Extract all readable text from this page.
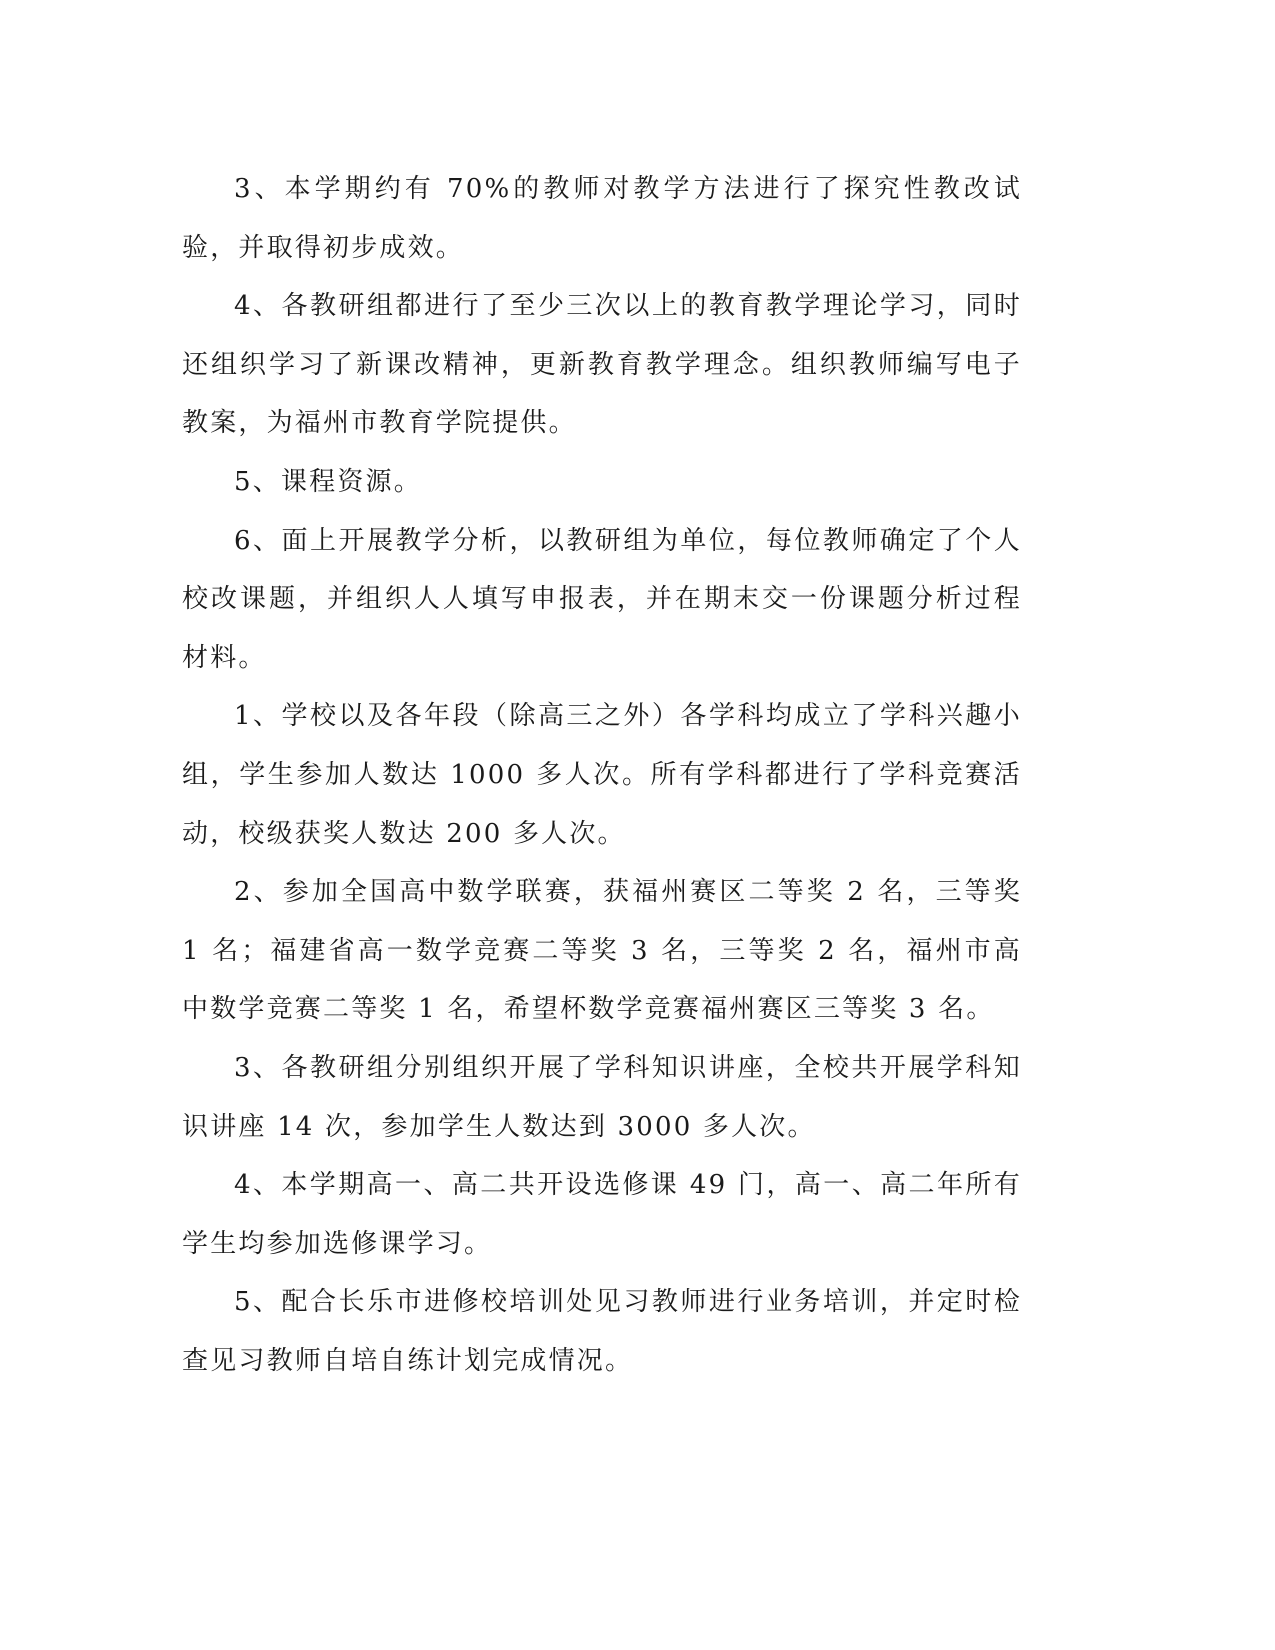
3、本学期约有 70%的教师对教学方法进行了探究性教改试验，并取得初步成效。

4、各教研组都进行了至少三次以上的教育教学理论学习，同时还组织学习了新课改精神，更新教育教学理念。组织教师编写电子教案，为福州市教育学院提供。

5、课程资源。

6、面上开展教学分析，以教研组为单位，每位教师确定了个人校改课题，并组织人人填写申报表，并在期末交一份课题分析过程材料。

1、学校以及各年段（除高三之外）各学科均成立了学科兴趣小组，学生参加人数达 1000 多人次。所有学科都进行了学科竞赛活动，校级获奖人数达 200 多人次。

2、参加全国高中数学联赛，获福州赛区二等奖 2 名，三等奖 1 名；福建省高一数学竞赛二等奖 3 名，三等奖 2 名，福州市高中数学竞赛二等奖 1 名，希望杯数学竞赛福州赛区三等奖 3 名。

3、各教研组分别组织开展了学科知识讲座，全校共开展学科知识讲座 14 次，参加学生人数达到 3000 多人次。

4、本学期高一、高二共开设选修课 49 门，高一、高二年所有学生均参加选修课学习。

5、配合长乐市进修校培训处见习教师进行业务培训，并定时检查见习教师自培自练计划完成情况。
